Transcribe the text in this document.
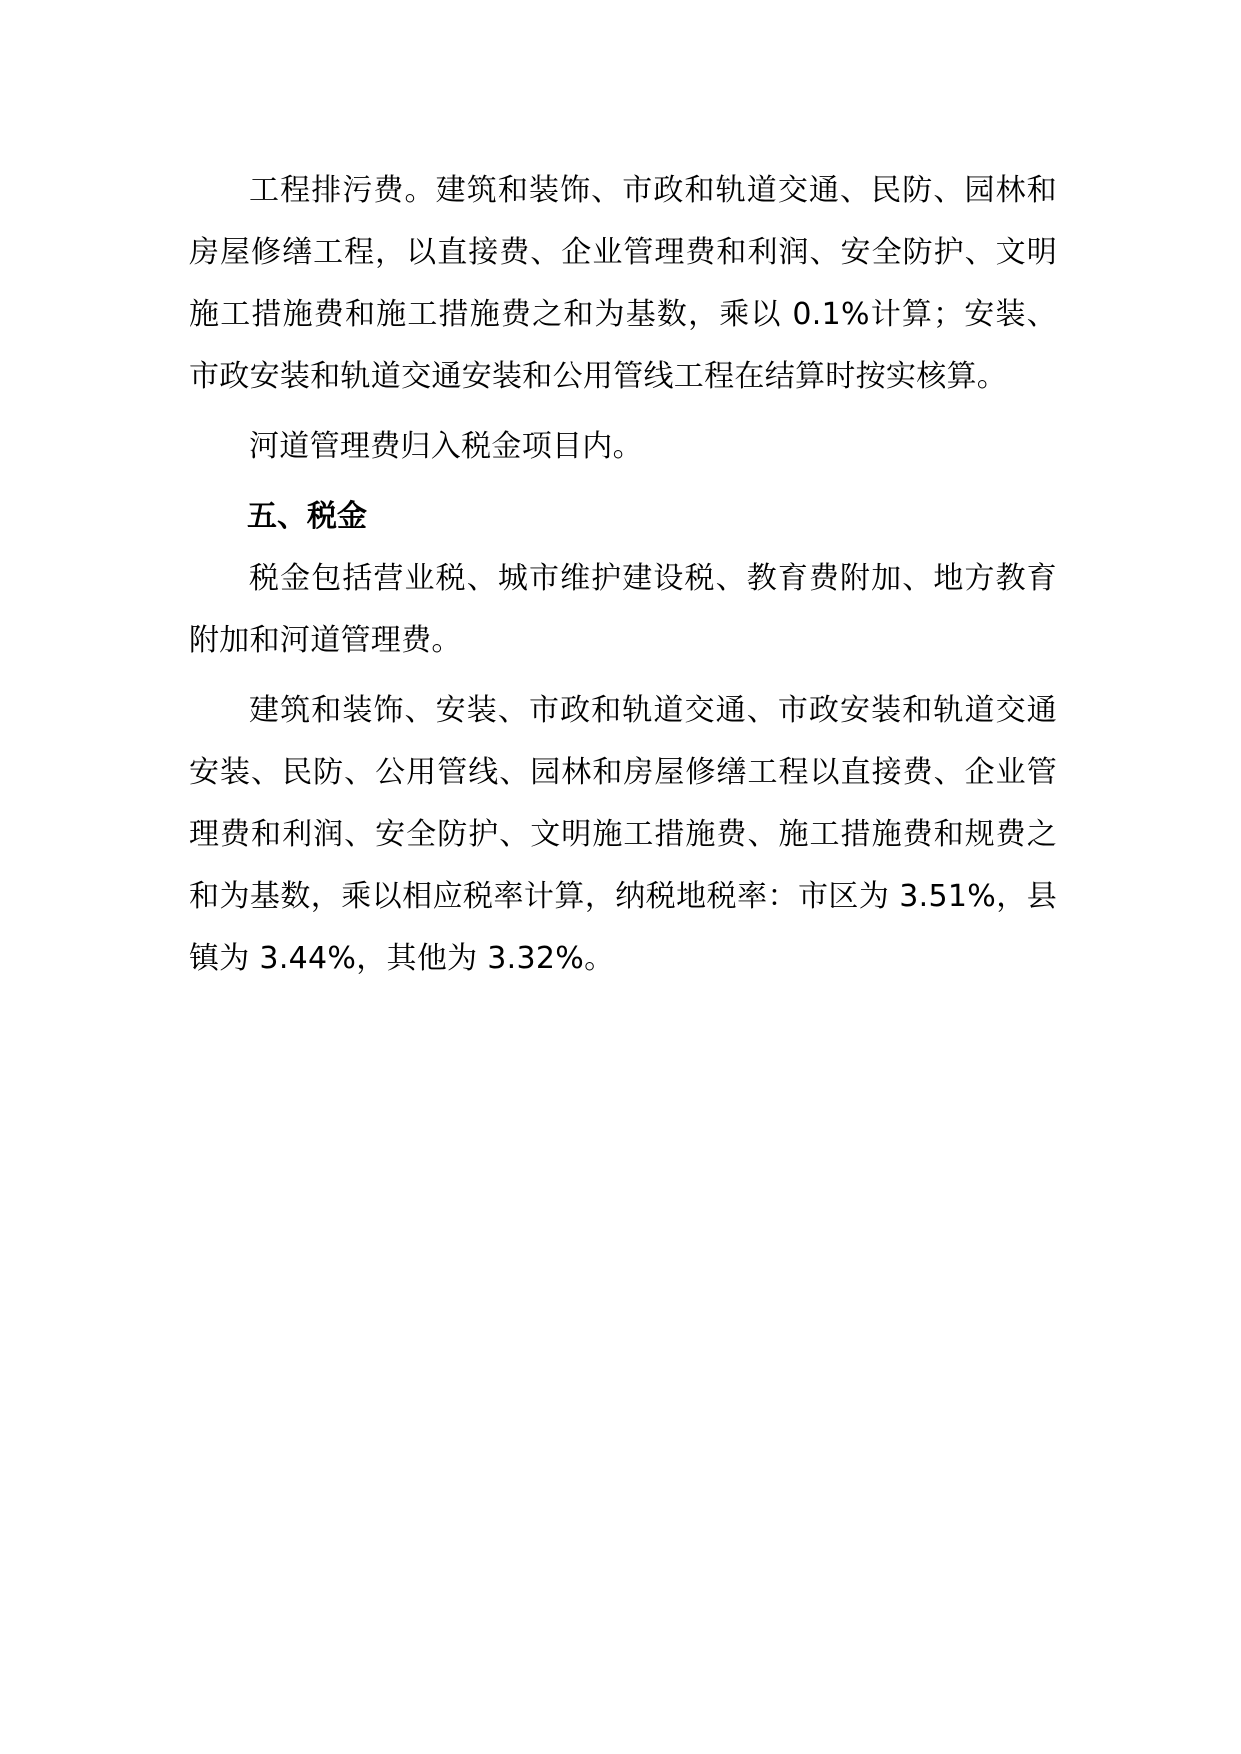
工程排污费。建筑和装饰、市政和轨道交通、民防、园林和房屋修缮工程，以直接费、企业管理费和利润、安全防护、文明施工措施费和施工措施费之和为基数，乘以 0.1%计算；安装、市政安装和轨道交通安装和公用管线工程在结算时按实核算。

河道管理费归入税金项目内。

五、税金

税金包括营业税、城市维护建设税、教育费附加、地方教育附加和河道管理费。

建筑和装饰、安装、市政和轨道交通、市政安装和轨道交通安装、民防、公用管线、园林和房屋修缮工程以直接费、企业管理费和利润、安全防护、文明施工措施费、施工措施费和规费之和为基数，乘以相应税率计算，纳税地税率：市区为 3.51%，县镇为 3.44%，其他为 3.32%。
